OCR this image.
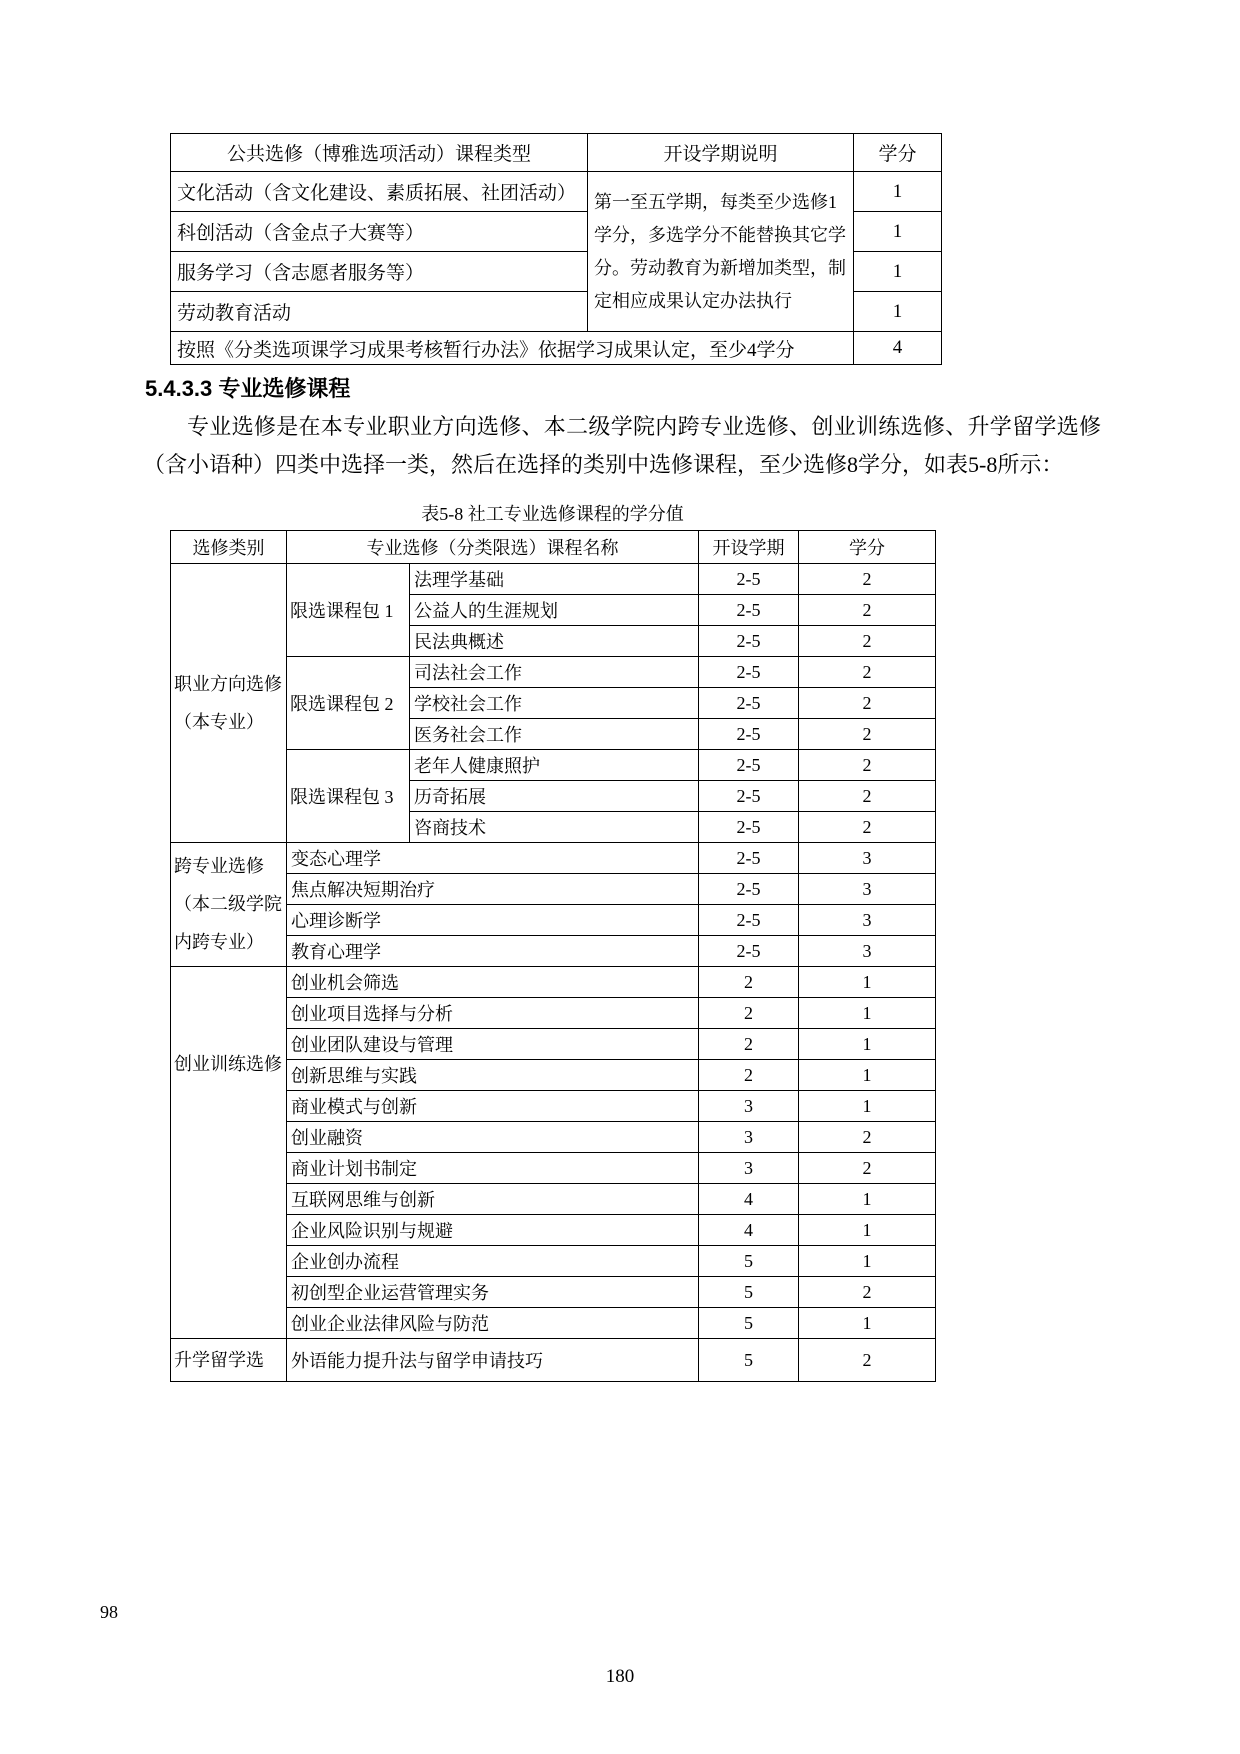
公共选修（博雅选项活动）课程类型	开设学期说明	学分
文化活动（含文化建设、素质拓展、社团活动）	第一至五学期，每类至少选修1学分，多选学分不能替换其它学分。劳动教育为新增加类型，制定相应成果认定办法执行	1
科创活动（含金点子大赛等）		1
服务学习（含志愿者服务等）		1
劳动教育活动		1
按照《分类选项课学习成果考核暂行办法》依据学习成果认定，至少4学分		4
5.4.3.3 专业选修课程
专业选修是在本专业职业方向选修、本二级学院内跨专业选修、创业训练选修、升学留学选修（含小语种）四类中选择一类，然后在选择的类别中选修课程，至少选修8学分，如表5-8所示：
表5-8 社工专业选修课程的学分值
选修类别	专业选修（分类限选）课程名称		开设学期	学分
职业方向选修（本专业）	限选课程包 1	法理学基础	2-5	2
		公益人的生涯规划	2-5	2
		民法典概述	2-5	2
	限选课程包 2	司法社会工作	2-5	2
		学校社会工作	2-5	2
		医务社会工作	2-5	2
	限选课程包 3	老年人健康照护	2-5	2
		历奇拓展	2-5	2
		咨商技术	2-5	2
跨专业选修（本二级学院内跨专业）	变态心理学		2-5	3
	焦点解决短期治疗		2-5	3
	心理诊断学		2-5	3
	教育心理学		2-5	3
创业训练选修	创业机会筛选		2	1
	创业项目选择与分析		2	1
	创业团队建设与管理		2	1
	创新思维与实践		2	1
	商业模式与创新		3	1
	创业融资		3	2
	商业计划书制定		3	2
	互联网思维与创新		4	1
	企业风险识别与规避		4	1
	企业创办流程		5	1
	初创型企业运营管理实务		5	2
	创业企业法律风险与防范		5	1
升学留学选	外语能力提升法与留学申请技巧		5	2
98
180
